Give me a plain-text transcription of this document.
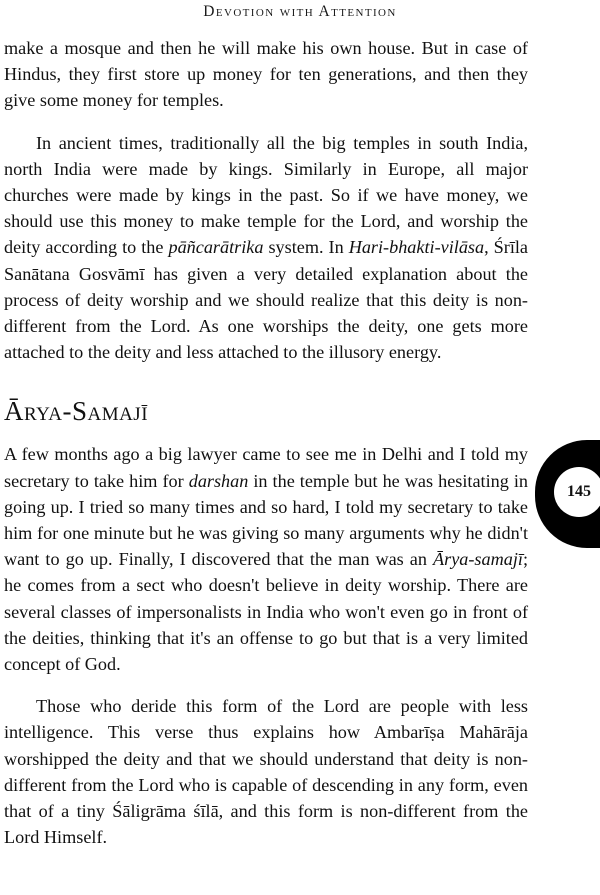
Devotion with Attention

make a mosque and then he will make his own house. But in case of Hindus, they first store up money for ten generations, and then they give some money for temples.

In ancient times, traditionally all the big temples in south India, north India were made by kings. Similarly in Europe, all major churches were made by kings in the past. So if we have money, we should use this money to make temple for the Lord, and worship the deity according to the pāñcarātrika system. In Hari-bhakti-vilāsa, Śrīla Sanātana Gosvāmī has given a very detailed explanation about the process of deity worship and we should realize that this deity is non-different from the Lord. As one worships the deity, one gets more attached to the deity and less attached to the illusory energy.

Ārya-Samajī

A few months ago a big lawyer came to see me in Delhi and I told my secretary to take him for darshan in the temple but he was hesitating in going up. I tried so many times and so hard, I told my secretary to take him for one minute but he was giving so many arguments why he didn't want to go up. Finally, I discovered that the man was an Ārya-samajī; he comes from a sect who doesn't believe in deity worship. There are several classes of impersonalists in India who won't even go in front of the deities, thinking that it's an offense to go but that is a very limited concept of God.

Those who deride this form of the Lord are people with less intelligence. This verse thus explains how Ambarīṣa Mahārāja worshipped the deity and that we should understand that deity is non-different from the Lord who is capable of descending in any form, even that of a tiny Śāligrāma śīlā, and this form is non-different from the Lord Himself.

145
